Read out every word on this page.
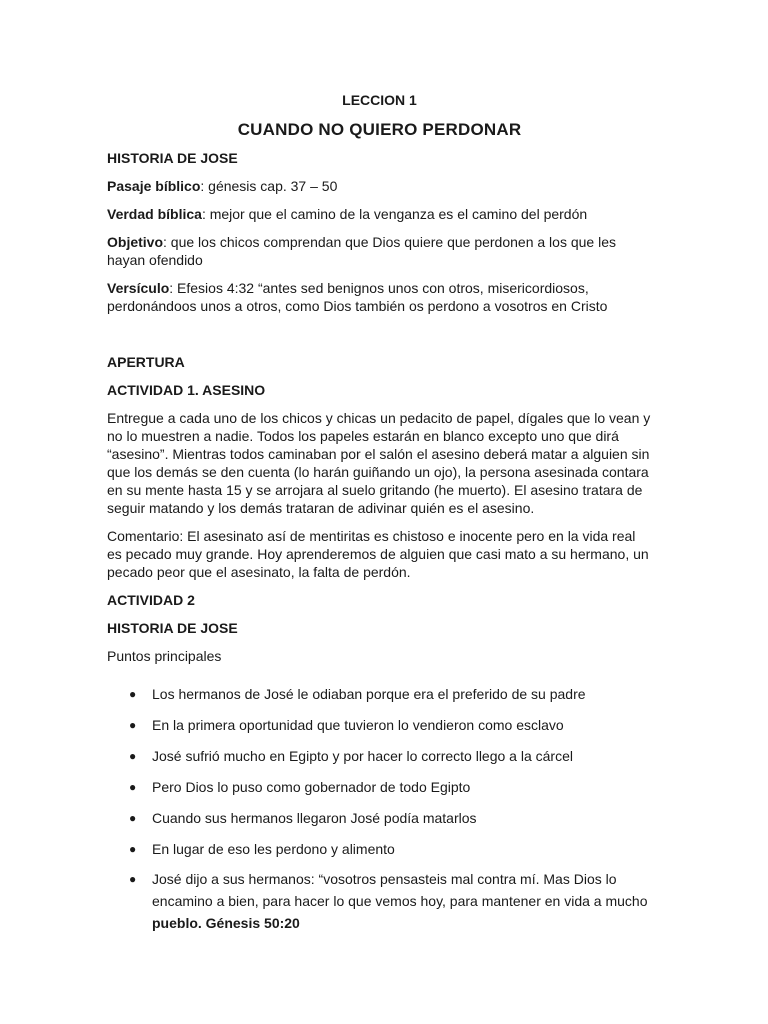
LECCION 1
CUANDO NO QUIERO PERDONAR
HISTORIA DE JOSE

Pasaje bíblico: génesis cap. 37 – 50

Verdad bíblica: mejor que el camino de la venganza es el camino del perdón

Objetivo: que los chicos comprendan que Dios quiere que perdonen a los que les hayan ofendido

Versículo: Efesios 4:32 “antes sed benignos unos con otros, misericordiosos, perdonándoos unos a otros, como Dios también os perdono a vosotros en Cristo

APERTURA
ACTIVIDAD 1. ASESINO

Entregue a cada uno de los chicos y chicas un pedacito de papel, dígales que lo vean y no lo muestren a nadie. Todos los papeles estarán en blanco excepto uno que dirá “asesino”. Mientras todos caminaban por el salón el asesino deberá matar a alguien sin que los demás se den cuenta (lo harán guiñando un ojo), la persona asesinada contara en su mente hasta 15 y se arrojara al suelo gritando (he muerto). El asesino tratara de seguir matando y los demás trataran de adivinar quién es el asesino.

Comentario: El asesinato así de mentiritas es chistoso e inocente pero en la vida real es pecado muy grande. Hoy aprenderemos de alguien que casi mato a su hermano, un pecado peor que el asesinato, la falta de perdón.

ACTIVIDAD 2
HISTORIA DE JOSE

Puntos principales

● Los hermanos de José le odiaban porque era el preferido de su padre
● En la primera oportunidad que tuvieron lo vendieron como esclavo
● José sufrió mucho en Egipto y por hacer lo correcto llego a la cárcel
● Pero Dios lo puso como gobernador de todo Egipto
● Cuando sus hermanos llegaron José podía matarlos
● En lugar de eso les perdono y alimento
● José dijo a sus hermanos: “vosotros pensasteis mal contra mí. Mas Dios lo encamino a bien, para hacer lo que vemos hoy, para mantener en vida a mucho pueblo. Génesis 50:20
